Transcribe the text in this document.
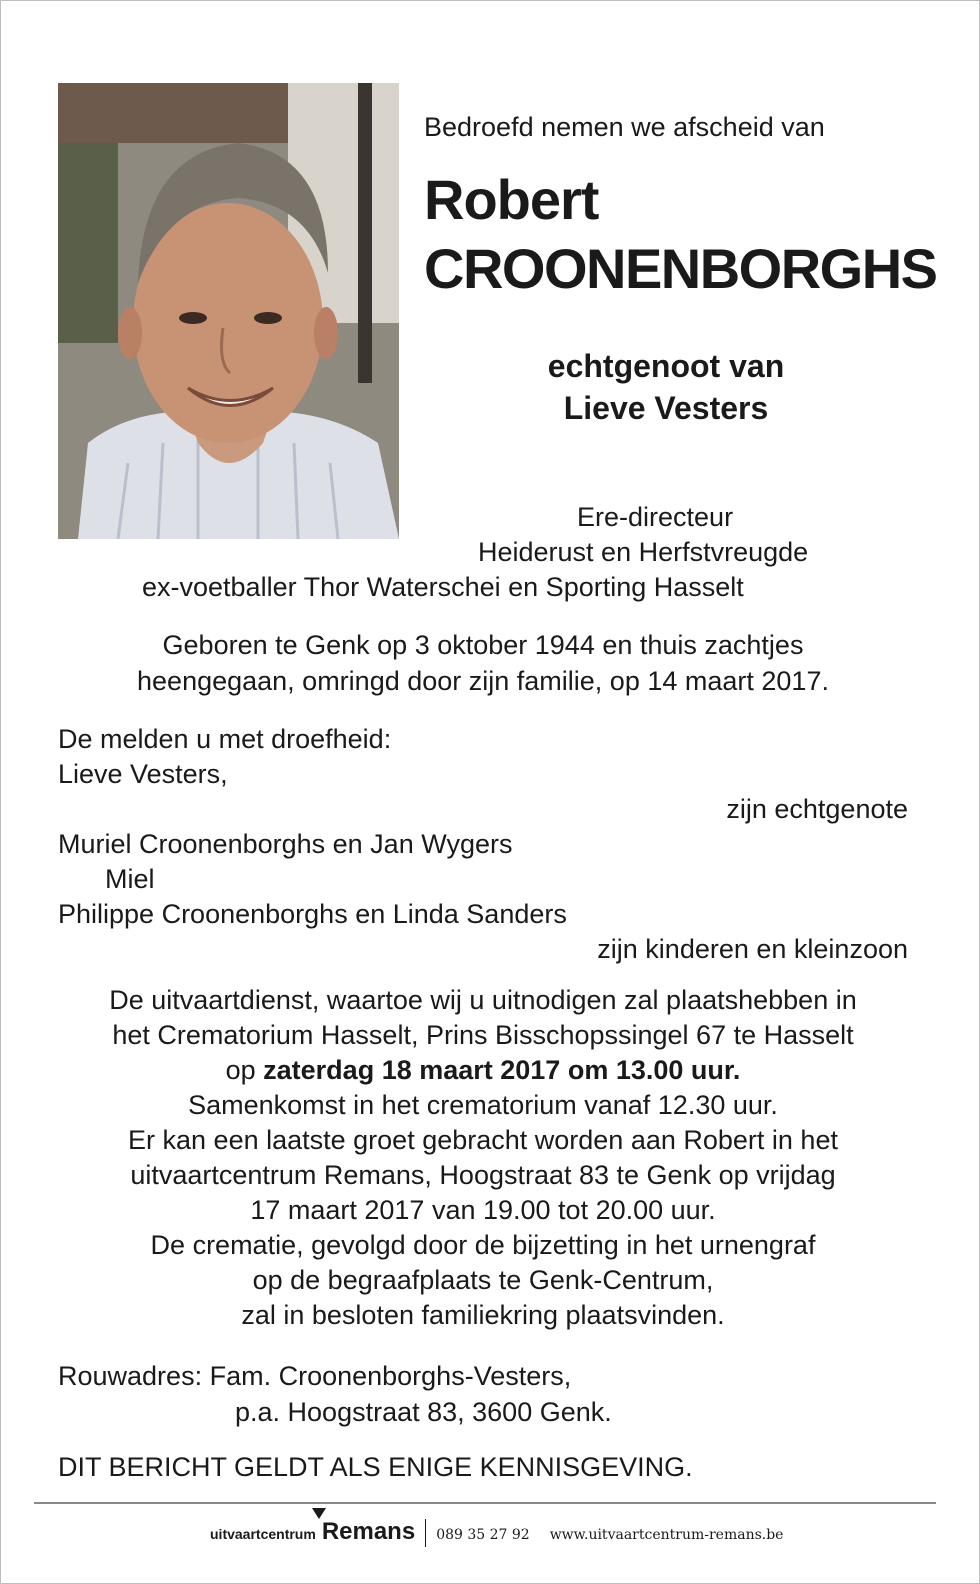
Bedroefd nemen we afscheid van
Robert
CROONENBORGHS
echtgenoot van
Lieve Vesters
Ere-directeur
Heiderust en Herfstvreugde
ex-voetballer Thor Waterschei en Sporting Hasselt
Geboren te Genk op 3 oktober 1944 en thuis zachtjes
heengegaan, omringd door zijn familie, op 14 maart 2017.
De melden u met droefheid:
Lieve Vesters,
zijn echtgenote
Muriel Croonenborghs en Jan Wygers
Miel
Philippe Croonenborghs en Linda Sanders
zijn kinderen en kleinzoon
De uitvaartdienst, waartoe wij u uitnodigen zal plaatshebben in
het Crematorium Hasselt, Prins Bisschopssingel 67 te Hasselt
op zaterdag 18 maart 2017 om 13.00 uur.
Samenkomst in het crematorium vanaf 12.30 uur.
Er kan een laatste groet gebracht worden aan Robert in het
uitvaartcentrum Remans, Hoogstraat 83 te Genk op vrijdag
17 maart 2017 van 19.00 tot 20.00 uur.
De crematie, gevolgd door de bijzetting in het urnengraf
op de begraafplaats te Genk-Centrum,
zal in besloten familiekring plaatsvinden.
Rouwadres: Fam. Croonenborghs-Vesters,
p.a. Hoogstraat 83, 3600 Genk.
DIT BERICHT GELDT ALS ENIGE KENNISGEVING.
uitvaartcentrum Remans 089 35 27 92 www.uitvaartcentrum-remans.be
